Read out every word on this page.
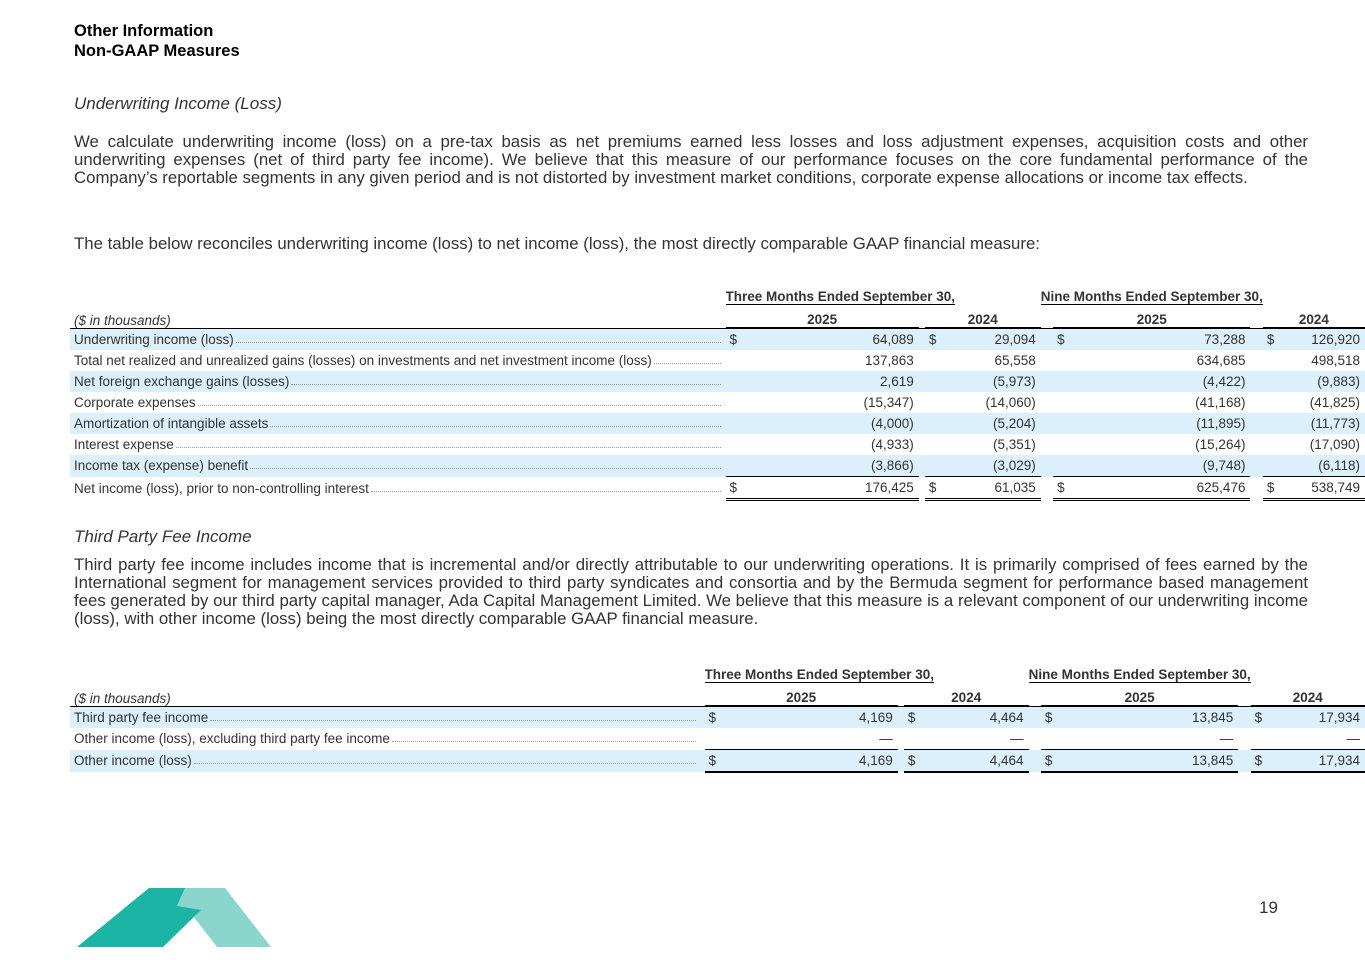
Other Information
Non-GAAP Measures
Underwriting Income (Loss)

We calculate underwriting income (loss) on a pre-tax basis as net premiums earned less losses and loss adjustment expenses, acquisition costs and other underwriting expenses (net of third party fee income). We believe that this measure of our performance focuses on the core fundamental performance of the Company’s reportable segments in any given period and is not distorted by investment market conditions, corporate expense allocations or income tax effects.

The table below reconciles underwriting income (loss) to net income (loss), the most directly comparable GAAP financial measure:

		Three Months Ended September 30,					Nine Months Ended September 30,					
($ in thousands)		2025			2024			2025			2024	

Underwriting income (loss)		$	64,089		$	29,094		$	73,288		$	126,920

Total net realized and unrealized gains (losses) on investments and net investment income (loss)			137,863			65,558			634,685			498,518

Net foreign exchange gains (losses)			2,619			(5,973)			(4,422)			(9,883)

Corporate expenses			(15,347)			(14,060)			(41,168)			(41,825)

Amortization of intangible assets			(4,000)			(5,204)			(11,895)			(11,773)

Interest expense			(4,933)			(5,351)			(15,264)			(17,090)

Income tax (expense) benefit			(3,866)			(3,029)			(9,748)			(6,118)

Net income (loss), prior to non-controlling interest		$	176,425		$	61,035		$	625,476		$	538,749
Third Party Fee Income

Third party fee income includes income that is incremental and/or directly attributable to our underwriting operations. It is primarily comprised of fees earned by the International segment for management services provided to third party syndicates and consortia and by the Bermuda segment for performance based management fees generated by our third party capital manager, Ada Capital Management Limited. We believe that this measure is a relevant component of our underwriting income (loss), with other income (loss) being the most directly comparable GAAP financial measure.

		Three Months Ended September 30,					Nine Months Ended September 30,					
($ in thousands)		2025			2024			2025			2024	

Third party fee income		$	4,169		$	4,464		$	13,845		$	17,934

Other income (loss), excluding third party fee income			—			—			—			—

Other income (loss)		$	4,169		$	4,464		$	13,845		$	17,934
19
